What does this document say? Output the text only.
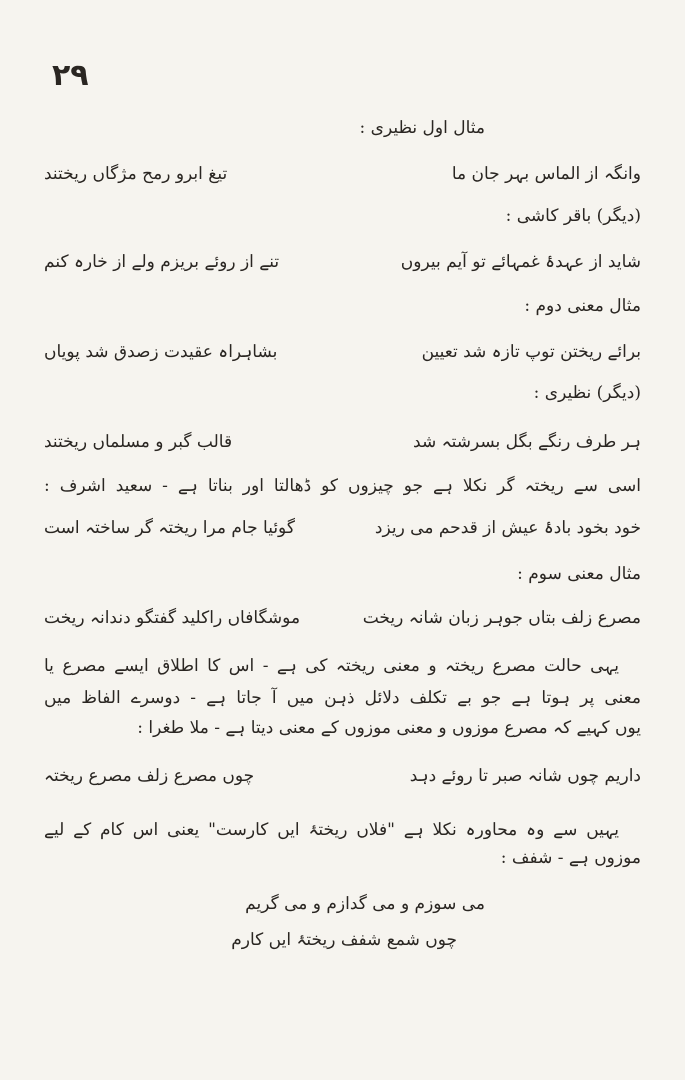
۲۹
مثال اول نظیری :
وانگہ از الماس بہر جان ما
تیغ ابرو رمح مژگاں ریختند
(دیگر) باقر کاشی :
شاید از عہدۂ غمہائے تو آیم بیروں
تنے از روئے بریزم ولے از خارہ کنم
مثال معنی دوم :
برائے ریختن توپ تازہ شد تعیین
بشاہراہ عقیدت زصدق شد پویاں
(دیگر) نظیری :
ہر طرف رنگے بگل بسرشتہ شد
قالب گبر و مسلماں ریختند
اسی سے ریختہ گر نکلا ہے جو چیزوں کو ڈھالتا اور بناتا ہے - سعید اشرف :
خود بخود بادۂ عیش از قدحم می ریزد
گوئیا جام مرا ریختہ گر ساختہ است
مثال معنی سوم :
مصرع زلف بتاں جوہر زبان شانہ ریخت
موشگافاں راکلید گفتگو دندانہ ریخت
یہی حالت مصرع ریختہ و معنی ریختہ کی ہے - اس کا اطلاق ایسے مصرع یا
معنی پر ہوتا ہے جو بے تکلف دلائل ذہن میں آ جاتا ہے - دوسرے الفاظ میں
یوں کہیے کہ مصرع موزوں و معنی موزوں کے معنی دیتا ہے - ملا طغرا :
داریم چوں شانہ صبر تا روئے دہد
چوں مصرع زلف مصرع ریختہ
یہیں سے وہ محاورہ نکلا ہے "فلاں ریختۂ ایں کارست" یعنی اس کام کے لیے
موزوں ہے - شفف :
می سوزم و می گدازم و می گریم
چوں شمع شفف ریختۂ ایں کارم
